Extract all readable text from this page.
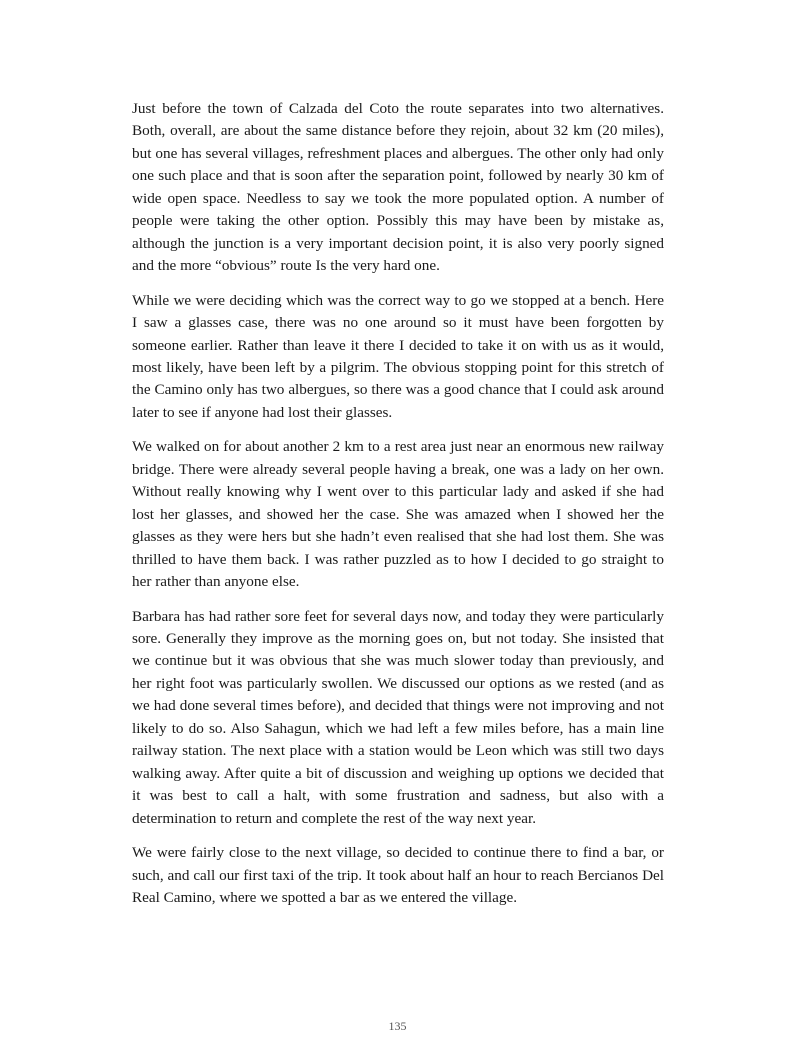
Just before the town of Calzada del Coto the route separates into two alternatives. Both, overall, are about the same distance before they rejoin, about 32 km (20 miles), but one has several villages, refreshment places and albergues. The other only had only one such place and that is soon after the separation point, followed by nearly 30 km of wide open space. Needless to say we took the more populated option. A number of people were taking the other option. Possibly this may have been by mistake as, although the junction is a very important decision point, it is also very poorly signed and the more “obvious” route Is the very hard one.

While we were deciding which was the correct way to go we stopped at a bench. Here I saw a glasses case, there was no one around so it must have been forgotten by someone earlier. Rather than leave it there I decided to take it on with us as it would, most likely, have been left by a pilgrim. The obvious stopping point for this stretch of the Camino only has two albergues, so there was a good chance that I could ask around later to see if anyone had lost their glasses.

We walked on for about another 2 km to a rest area just near an enormous new railway bridge. There were already several people having a break, one was a lady on her own. Without really knowing why I went over to this particular lady and asked if she had lost her glasses, and showed her the case. She was amazed when I showed her the glasses as they were hers but she hadn’t even realised that she had lost them. She was thrilled to have them back. I was rather puzzled as to how I decided to go straight to her rather than anyone else.

Barbara has had rather sore feet for several days now, and today they were particularly sore. Generally they improve as the morning goes on, but not today. She insisted that we continue but it was obvious that she was much slower today than previously, and her right foot was particularly swollen. We discussed our options as we rested (and as we had done several times before), and decided that things were not improving and not likely to do so. Also Sahagun, which we had left a few miles before, has a main line railway station. The next place with a station would be Leon which was still two days walking away. After quite a bit of discussion and weighing up options we decided that it was best to call a halt, with some frustration and sadness, but also with a determination to return and complete the rest of the way next year.

We were fairly close to the next village, so decided to continue there to find a bar, or such, and call our first taxi of the trip. It took about half an hour to reach Bercianos Del Real Camino, where we spotted a bar as we entered the village.

135
